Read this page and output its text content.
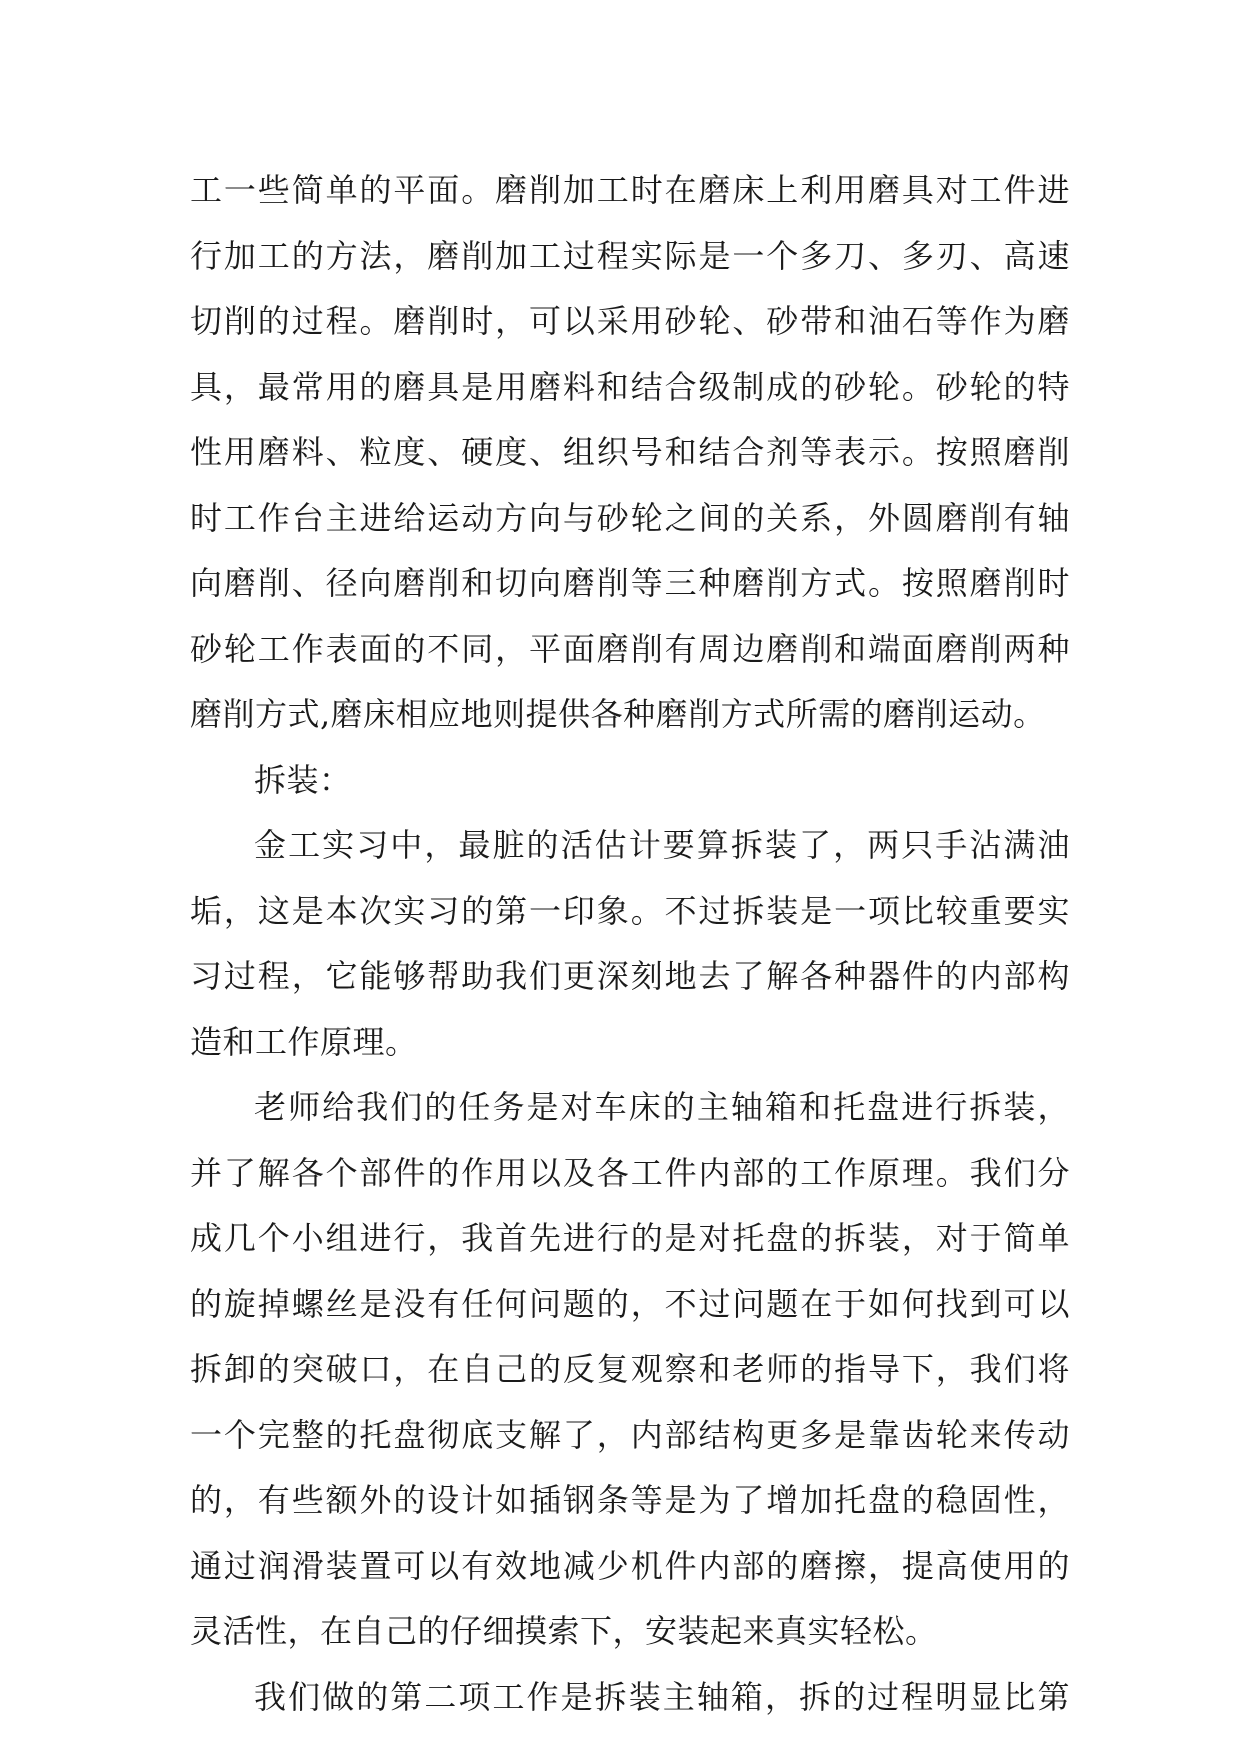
工一些简单的平面。磨削加工时在磨床上利用磨具对工件进
行加工的方法，磨削加工过程实际是一个多刀、多刃、高速
切削的过程。磨削时，可以采用砂轮、砂带和油石等作为磨
具，最常用的磨具是用磨料和结合级制成的砂轮。砂轮的特
性用磨料、粒度、硬度、组织号和结合剂等表示。按照磨削
时工作台主进给运动方向与砂轮之间的关系，外圆磨削有轴
向磨削、径向磨削和切向磨削等三种磨削方式。按照磨削时
砂轮工作表面的不同，平面磨削有周边磨削和端面磨削两种
磨削方式,磨床相应地则提供各种磨削方式所需的磨削运动。
拆装：
金工实习中，最脏的活估计要算拆装了，两只手沾满油
垢，这是本次实习的第一印象。不过拆装是一项比较重要实
习过程，它能够帮助我们更深刻地去了解各种器件的内部构
造和工作原理。
老师给我们的任务是对车床的主轴箱和托盘进行拆装，
并了解各个部件的作用以及各工件内部的工作原理。我们分
成几个小组进行，我首先进行的是对托盘的拆装，对于简单
的旋掉螺丝是没有任何问题的，不过问题在于如何找到可以
拆卸的突破口，在自己的反复观察和老师的指导下，我们将
一个完整的托盘彻底支解了，内部结构更多是靠齿轮来传动
的，有些额外的设计如插钢条等是为了增加托盘的稳固性，
通过润滑装置可以有效地减少机件内部的磨擦，提高使用的
灵活性，在自己的仔细摸索下，安装起来真实轻松。
我们做的第二项工作是拆装主轴箱，拆的过程明显比第
